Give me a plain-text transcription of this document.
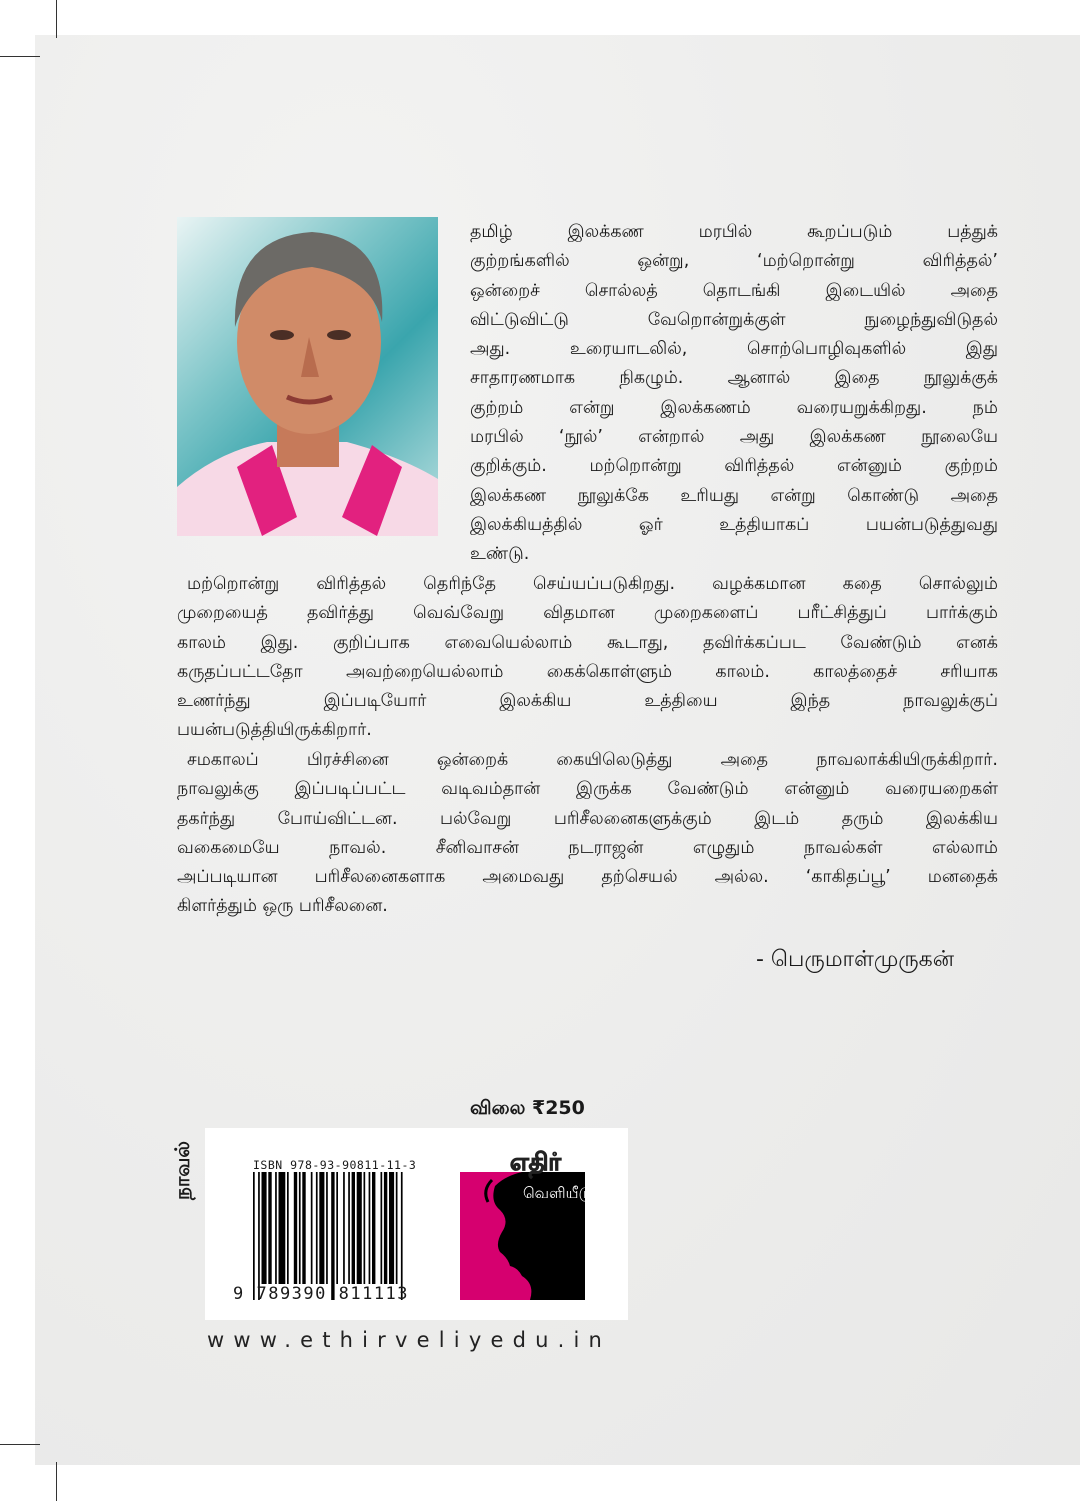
தமிழ் இலக்கண மரபில் கூறப்படும் பத்துக்
குற்றங்களில் ஒன்று, ‘மற்றொன்று விரித்தல்’
ஒன்றைச் சொல்லத் தொடங்கி இடையில் அதை
விட்டுவிட்டு வேறொன்றுக்குள் நுழைந்துவிடுதல்
அது. உரையாடலில், சொற்பொழிவுகளில் இது
சாதாரணமாக நிகழும். ஆனால் இதை நூலுக்குக்
குற்றம் என்று இலக்கணம் வரையறுக்கிறது. நம்
மரபில் ‘நூல்’ என்றால் அது இலக்கண நூலையே
குறிக்கும். மற்றொன்று விரித்தல் என்னும் குற்றம்
இலக்கண நூலுக்கே உரியது என்று கொண்டு அதை
இலக்கியத்தில் ஓர் உத்தியாகப் பயன்படுத்துவது
உண்டு.
மற்றொன்று விரித்தல் தெரிந்தே செய்யப்படுகிறது. வழக்கமான கதை சொல்லும்
முறையைத் தவிர்த்து வெவ்வேறு விதமான முறைகளைப் பரீட்சித்துப் பார்க்கும்
காலம் இது. குறிப்பாக எவையெல்லாம் கூடாது, தவிர்க்கப்பட வேண்டும் எனக்
கருதப்பட்டதோ அவற்றையெல்லாம் கைக்கொள்ளும் காலம். காலத்தைச் சரியாக
உணர்ந்து இப்படியோர் இலக்கிய உத்தியை இந்த நாவலுக்குப்
பயன்படுத்தியிருக்கிறார்.
சமகாலப் பிரச்சினை ஒன்றைக் கையிலெடுத்து அதை நாவலாக்கியிருக்கிறார்.
நாவலுக்கு இப்படிப்பட்ட வடிவம்தான் இருக்க வேண்டும் என்னும் வரையறைகள்
தகர்ந்து போய்விட்டன. பல்வேறு பரிசீலனைகளுக்கும் இடம் தரும் இலக்கிய
வகைமையே நாவல். சீனிவாசன் நடராஜன் எழுதும் நாவல்கள் எல்லாம்
அப்படியான பரிசீலனைகளாக அமைவது தற்செயல் அல்ல. ‘காகிதப்பூ’ மனதைக்
கிளர்த்தும் ஒரு பரிசீலனை.
- பெருமாள்முருகன்
விலை ₹250
நாவல்	ISBN 978-93-90811-11-3
9 789390 811113
எதிர்
வெளியீடு
www.ethirveliyedu.in
